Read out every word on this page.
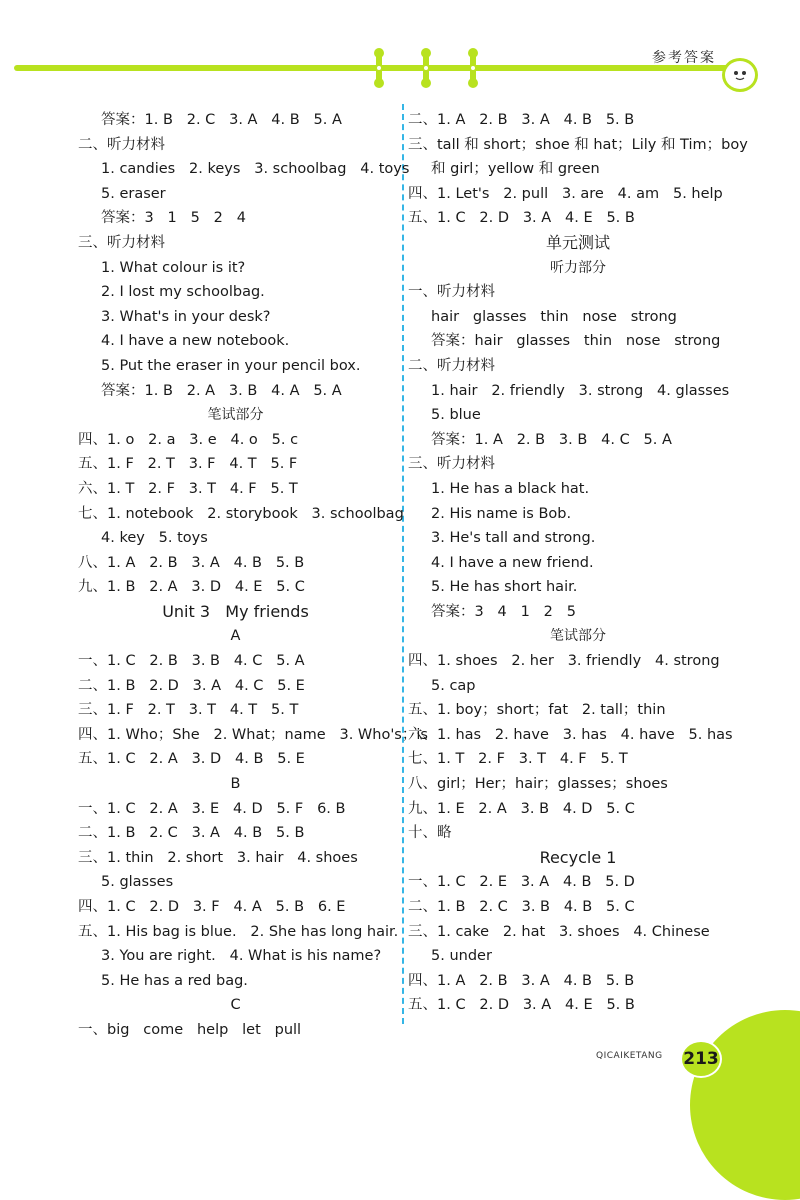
参考答案
答案：1. B   2. C   3. A   4. B   5. A
二、听力材料
1. candies   2. keys   3. schoolbag   4. toys
5. eraser
答案：3   1   5   2   4
三、听力材料
1. What colour is it?
2. I lost my schoolbag.
3. What's in your desk?
4. I have a new notebook.
5. Put the eraser in your pencil box.
答案：1. B   2. A   3. B   4. A   5. A
笔试部分
四、1. o   2. a   3. e   4. o   5. c
五、1. F   2. T   3. F   4. T   5. F
六、1. T   2. F   3. T   4. F   5. T
七、1. notebook   2. storybook   3. schoolbag
4. key   5. toys
八、1. A   2. B   3. A   4. B   5. B
九、1. B   2. A   3. D   4. E   5. C
Unit 3   My friends
A
一、1. C   2. B   3. B   4. C   5. A
二、1. B   2. D   3. A   4. C   5. E
三、1. F   2. T   3. T   4. T   5. T
四、1. Who；She   2. What；name   3. Who's；is
五、1. C   2. A   3. D   4. B   5. E
B
一、1. C   2. A   3. E   4. D   5. F   6. B
二、1. B   2. C   3. A   4. B   5. B
三、1. thin   2. short   3. hair   4. shoes
5. glasses
四、1. C   2. D   3. F   4. A   5. B   6. E
五、1. His bag is blue.   2. She has long hair.
3. You are right.   4. What is his name?
5. He has a red bag.
C
一、big   come   help   let   pull
二、1. A   2. B   3. A   4. B   5. B
三、tall 和 short；shoe 和 hat；Lily 和 Tim；boy
和 girl；yellow 和 green
四、1. Let's   2. pull   3. are   4. am   5. help
五、1. C   2. D   3. A   4. E   5. B
单元测试
听力部分
一、听力材料
hair   glasses   thin   nose   strong
答案：hair   glasses   thin   nose   strong
二、听力材料
1. hair   2. friendly   3. strong   4. glasses
5. blue
答案：1. A   2. B   3. B   4. C   5. A
三、听力材料
1. He has a black hat.
2. His name is Bob.
3. He's tall and strong.
4. I have a new friend.
5. He has short hair.
答案：3   4   1   2   5
笔试部分
四、1. shoes   2. her   3. friendly   4. strong
5. cap
五、1. boy；short；fat   2. tall；thin
六、1. has   2. have   3. has   4. have   5. has
七、1. T   2. F   3. T   4. F   5. T
八、girl；Her；hair；glasses；shoes
九、1. E   2. A   3. B   4. D   5. C
十、略
Recycle 1
一、1. C   2. E   3. A   4. B   5. D
二、1. B   2. C   3. B   4. B   5. C
三、1. cake   2. hat   3. shoes   4. Chinese
5. under
四、1. A   2. B   3. A   4. B   5. B
五、1. C   2. D   3. A   4. E   5. B
QICAIKETANG 213
